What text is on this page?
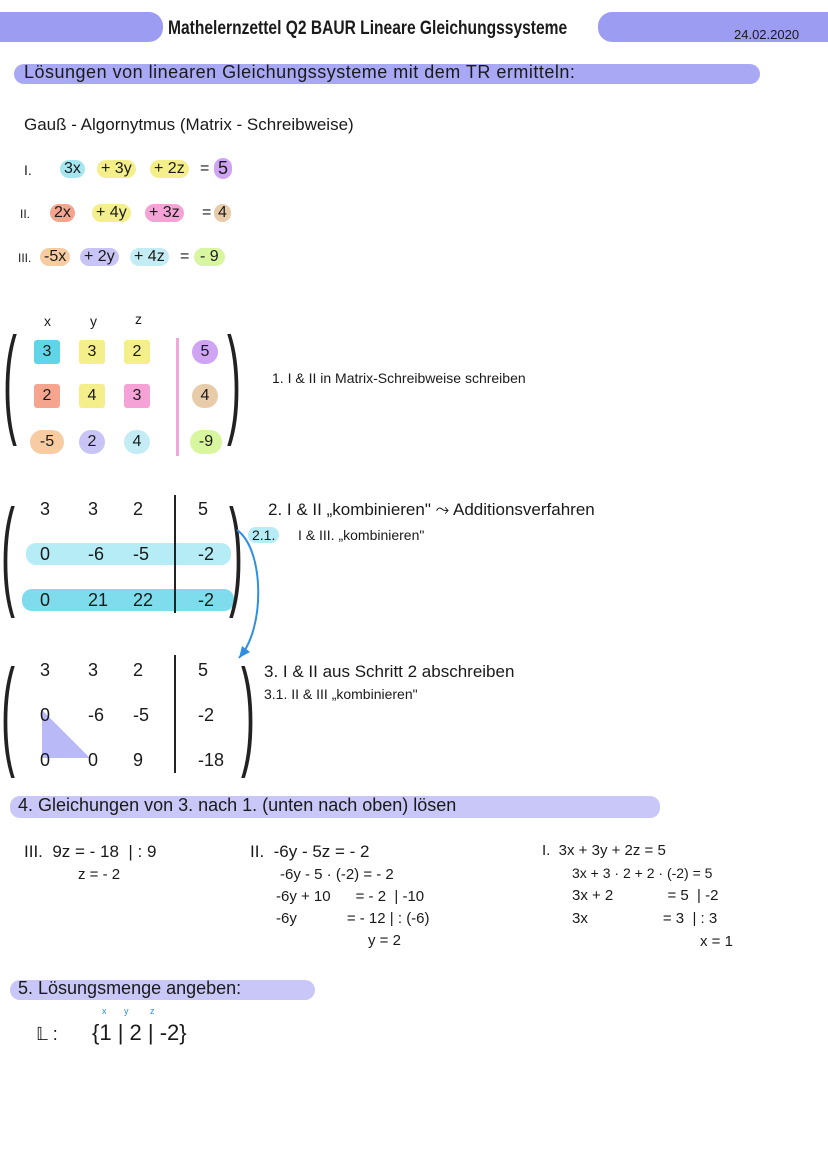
Mathelernzettel Q2 BAUR Lineare Gleichungssysteme	24.02.2020
Lösungen von linearen Gleichungssysteme mit dem TR ermitteln:
Gauß - Algornytmus (Matrix - Schreibweise)
I. 3x + 3y + 2z = 5
II. 2x + 4y + 3z = 4
III. -5x + 2y + 4z = - 9
x	y	z
( )
3	3	2	5
2	4	3	4
-5	2	4	-9
1. I & II in Matrix-Schreibweise schreiben
( )
3 3 2	5
0 -6 -5	-2
0 21 22 -2
2. I & II „kombinieren" ⤳ Additionsverfahren
2.1. I & III. „kombinieren"
( )
3 3 2	5
0 -6 -5	-2
0 0 9	-18
3. I & II aus Schritt 2 abschreiben
3.1. II & III „kombinieren"
4. Gleichungen von 3. nach 1. (unten nach oben) lösen
III.  9z = - 18  | : 9
z = - 2
II.  -6y - 5z = - 2
-6y - 5 · (-2) = - 2
-6y + 10      = - 2  | -10
-6y            = - 12 | : (-6)
y = 2
I.  3x + 3y + 2z = 5
3x + 3 · 2 + 2 · (-2) = 5
3x + 2             = 5  | -2
3x                  = 3  | : 3
x = 1
5. Lösungsmenge angeben:
𝕃 :
x y z
{1 | 2 | -2}
